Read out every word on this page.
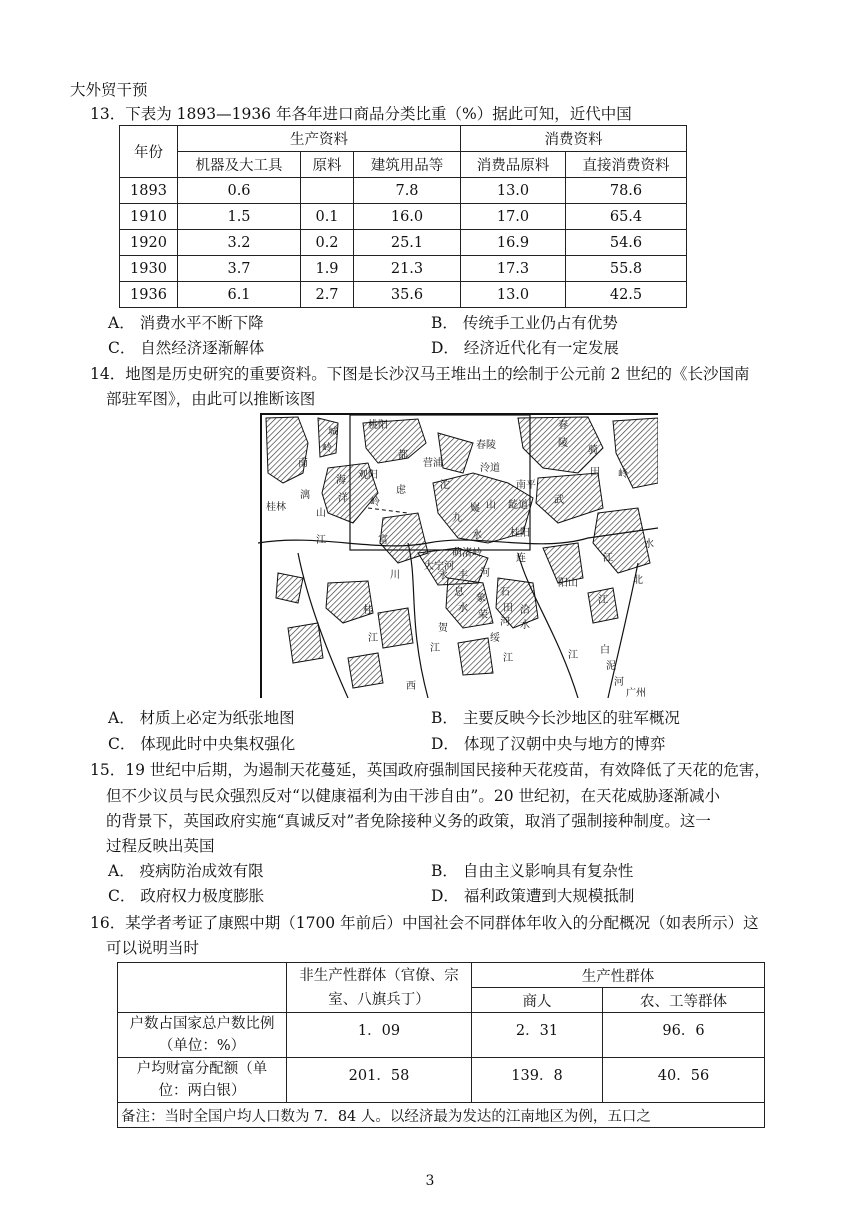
大外贸干预
13．下表为 1893—1936 年各年进口商品分类比重（%）据此可知，近代中国
年份	生产资料			消费资料	
	机器及大工具	原料	建筑用品等	消费品原料	直接消费资料
1893	0.6		7.8	13.0	78.6
1910	1.5	0.1	16.0	17.0	65.4
1920	3.2	0.2	25.1	16.9	54.6
1930	3.7	1.9	21.3	17.3	55.8
1936	6.1	2.7	35.6	13.0	42.5
A． 消费水平不断下降	B． 传统手工业仍占有优势
C． 自然经济逐渐解体	D． 经济近代化有一定发展
14．地图是历史研究的重要资料。下图是长沙汉马王堆出土的绘制于公元前 2 世纪的《长沙国南
部驻军图》，由此可以推断该图
桃阳
春陵
春
陵
都
营浦	泠道
南
城
岭
观阳
海
洋
山
虑
岭
沱	南平
骑
田 岭
桂林
漓
九
嶷 山 龁道	武
水
富
萌渚岭
桂阳
江
川	永 丰 河
连
水
大宁河
阳山
江
北
桂
贺
息
水
象
荣
石
田
河
洽
水
绥
江	江 白
泥
河
广州
西
江
江
江
A． 材质上必定为纸张地图	B． 主要反映今长沙地区的驻军概况
C． 体现此时中央集权强化	D． 体现了汉朝中央与地方的博弈
15．19 世纪中后期，为遏制天花蔓延，英国政府强制国民接种天花疫苗，有效降低了天花的危害，
但不少议员与民众强烈反对“以健康福利为由干涉自由”。20 世纪初，在天花威胁逐渐减小
的背景下，英国政府实施“真诚反对”者免除接种义务的政策，取消了强制接种制度。这一
过程反映出英国
A． 疫病防治成效有限	B． 自由主义影响具有复杂性
C． 政府权力极度膨胀	D． 福利政策遭到大规模抵制
16．某学者考证了康熙中期（1700 年前后）中国社会不同群体年收入的分配概况（如表所示）这
可以说明当时
	非生产性群体（官僚、宗室、八旗兵丁）	生产性群体	
		商人	农、工等群体
户数占国家总户数比例（单位：%）	1．09	2．31	96．6
户均财富分配额（单位：两白银）	201．58	139．8	40．56
备注：当时全国户均人口数为 7．84 人。以经济最为发达的江南地区为例，五口之			
3
